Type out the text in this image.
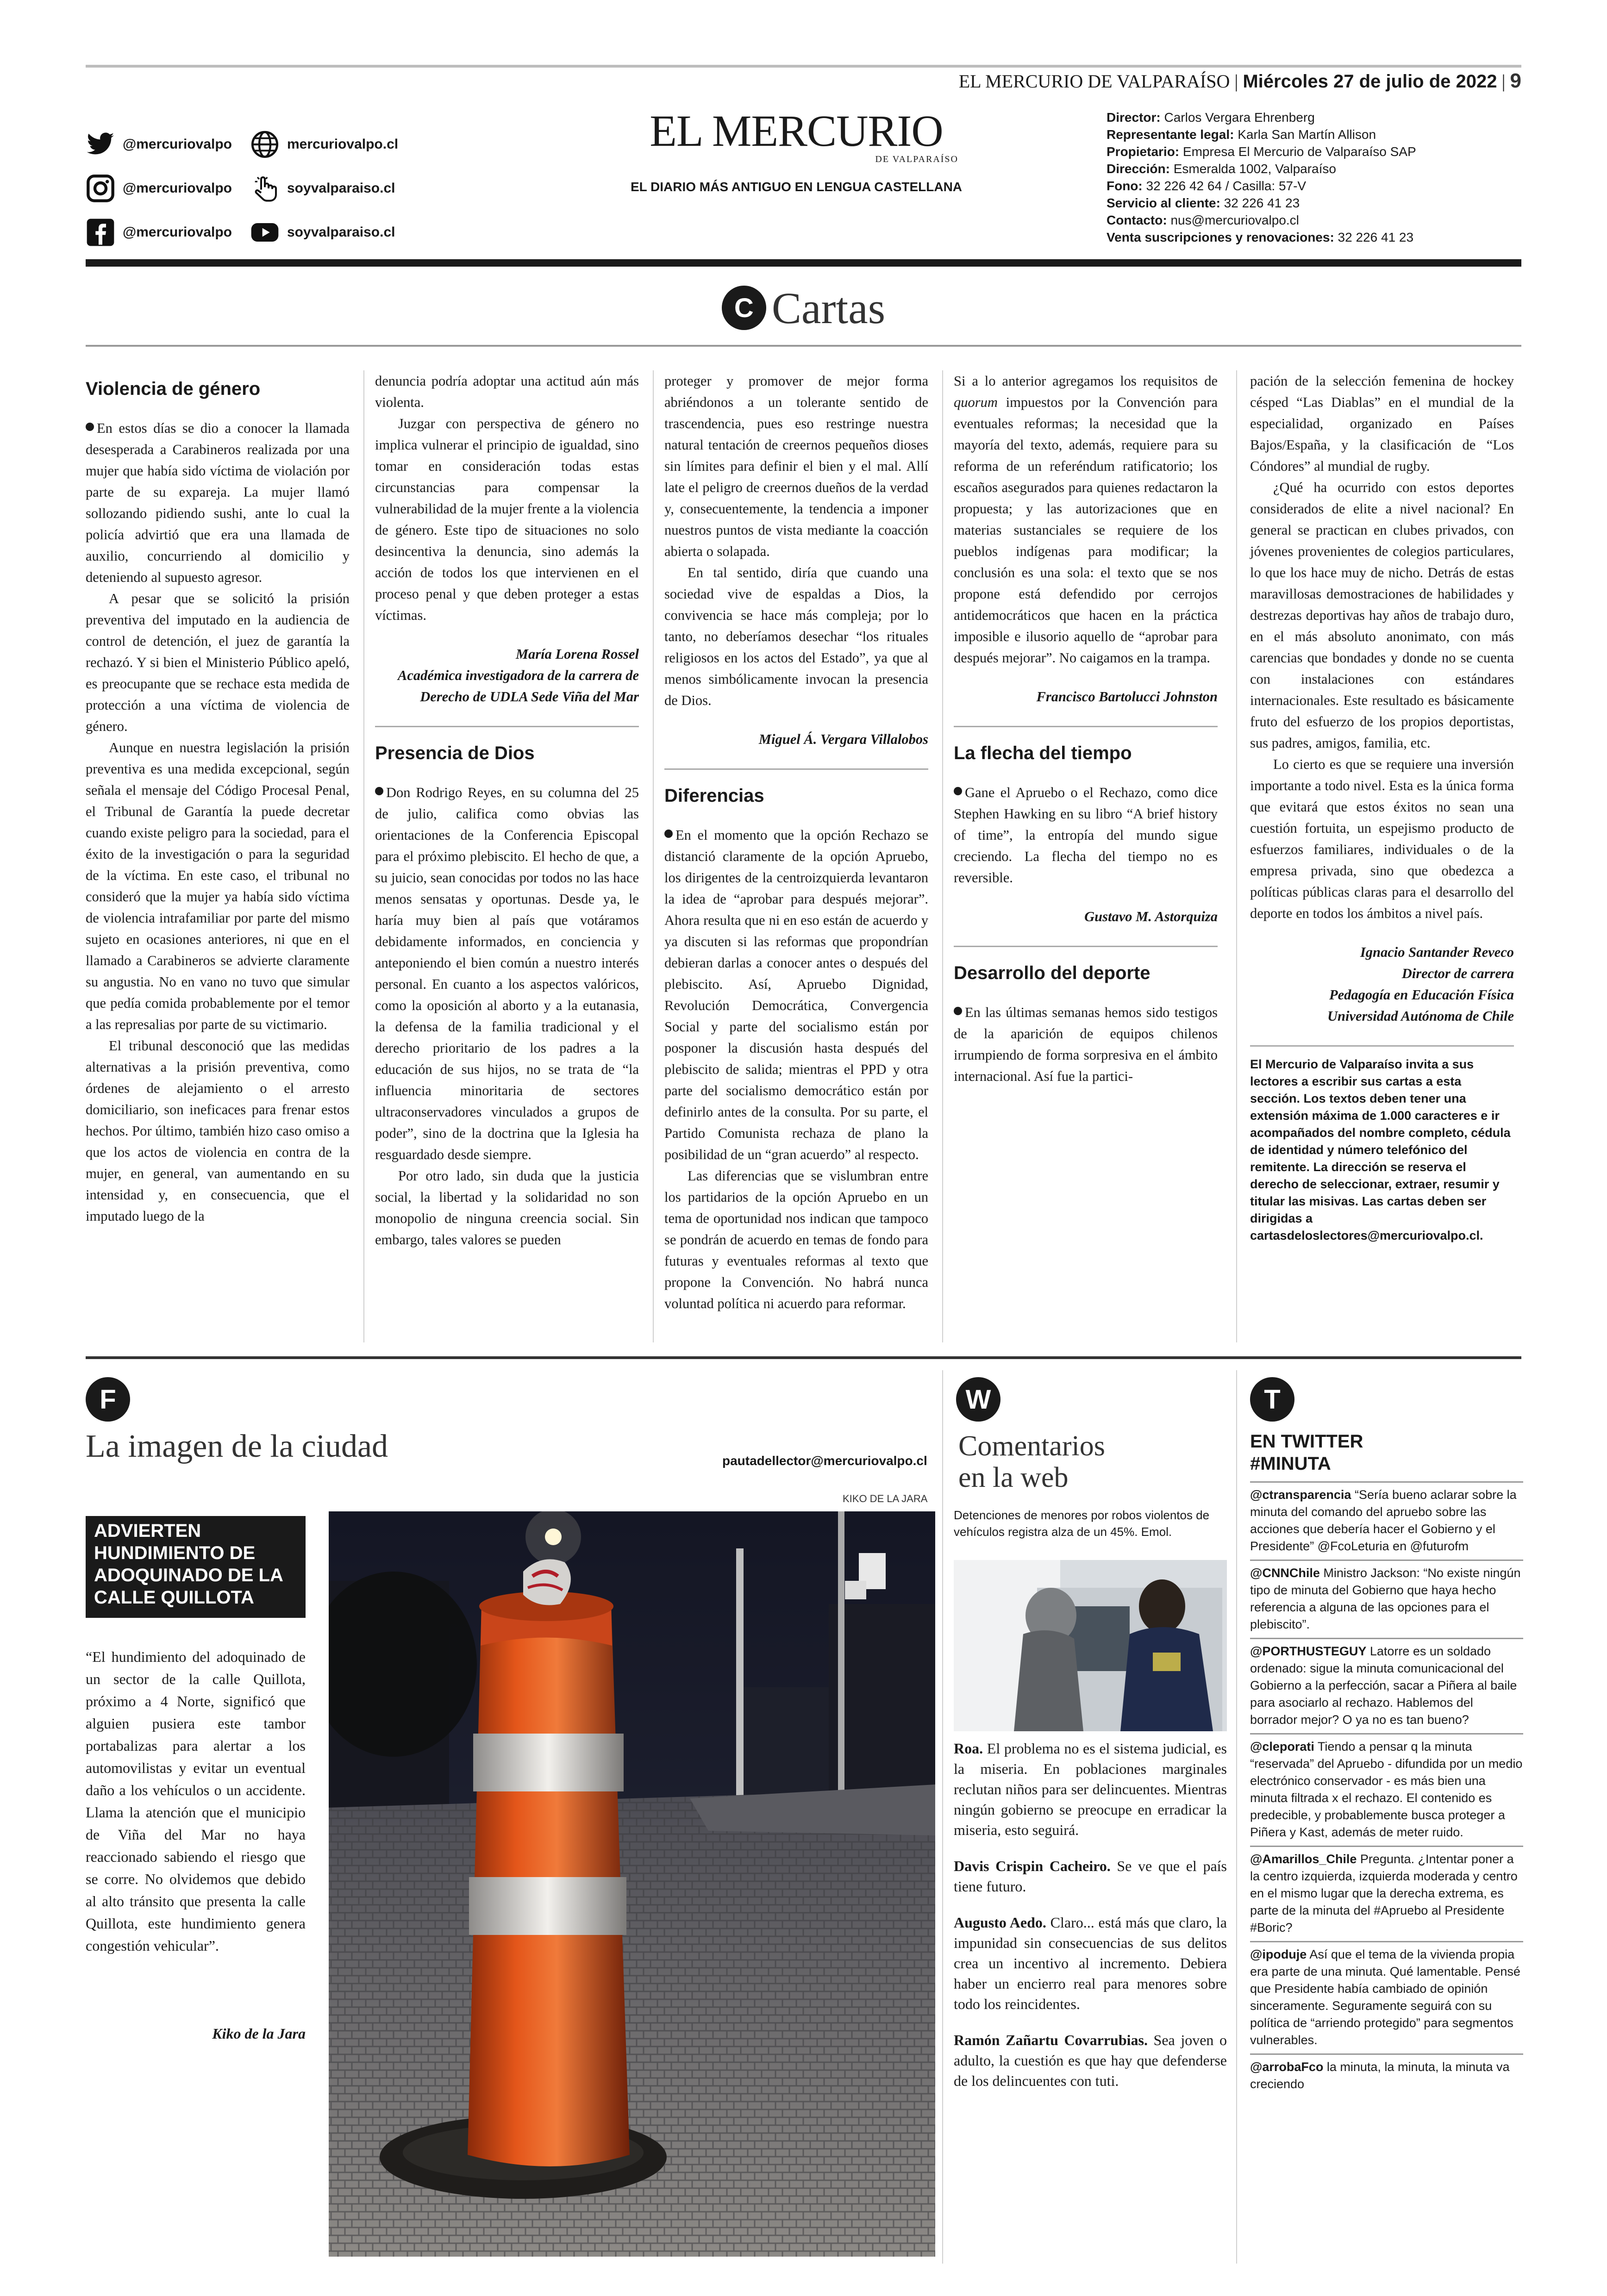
EL MERCURIO DE VALPARAÍSO | Miércoles 27 de julio de 2022 | 9
@mercuriovalpo
@mercuriovalpo
@mercuriovalpo
mercuriovalpo.cl
soyvalparaiso.cl
soyvalparaiso.cl
EL MERCURIO
DE VALPARAÍSO
EL DIARIO MÁS ANTIGUO EN LENGUA CASTELLANA
Director: Carlos Vergara Ehrenberg
Representante legal: Karla San Martín Allison
Propietario: Empresa El Mercurio de Valparaíso SAP
Dirección: Esmeralda 1002, Valparaíso
Fono: 32 226 42 64 / Casilla: 57-V
Servicio al cliente: 32 226 41 23
Contacto: nus@mercuriovalpo.cl
Venta suscripciones y renovaciones: 32 226 41 23
C Cartas
Violencia de género

En estos días se dio a conocer la llamada desesperada a Carabineros realizada por una mujer que había sido víctima de violación por parte de su expareja. La mujer llamó sollozando pidiendo sushi, ante lo cual la policía advirtió que era una llamada de auxilio, concurriendo al domicilio y deteniendo al supuesto agresor.

A pesar que se solicitó la prisión preventiva del imputado en la audiencia de control de detención, el juez de garantía la rechazó. Y si bien el Ministerio Público apeló, es preocupante que se rechace esta medida de protección a una víctima de violencia de género.

Aunque en nuestra legislación la prisión preventiva es una medida excepcional, según señala el mensaje del Código Procesal Penal, el Tribunal de Garantía la puede decretar cuando existe peligro para la sociedad, para el éxito de la investigación o para la seguridad de la víctima. En este caso, el tribunal no consideró que la mujer ya había sido víctima de violencia intrafamiliar por parte del mismo sujeto en ocasiones anteriores, ni que en el llamado a Carabineros se advierte claramente su angustia. No en vano no tuvo que simular que pedía comida probablemente por el temor a las represalias por parte de su victimario.

El tribunal desconoció que las medidas alternativas a la prisión preventiva, como órdenes de alejamiento o el arresto domiciliario, son ineficaces para frenar estos hechos. Por último, también hizo caso omiso a que los actos de violencia en contra de la mujer, en general, van aumentando en su intensidad y, en consecuencia, que el imputado luego de la

denuncia podría adoptar una actitud aún más violenta.

Juzgar con perspectiva de género no implica vulnerar el principio de igualdad, sino tomar en consideración todas estas circunstancias para compensar la vulnerabilidad de la mujer frente a la violencia de género. Este tipo de situaciones no solo desincentiva la denuncia, sino además la acción de todos los que intervienen en el proceso penal y que deben proteger a estas víctimas.

María Lorena Rossel

Académica investigadora de la carrera de Derecho de UDLA Sede Viña del Mar

Presencia de Dios

Don Rodrigo Reyes, en su columna del 25 de julio, califica como obvias las orientaciones de la Conferencia Episcopal para el próximo plebiscito. El hecho de que, a su juicio, sean conocidas por todos no las hace menos sensatas y oportunas. Desde ya, le haría muy bien al país que votáramos debidamente informados, en conciencia y anteponiendo el bien común a nuestro interés personal. En cuanto a los aspectos valóricos, como la oposición al aborto y a la eutanasia, la defensa de la familia tradicional y el derecho prioritario de los padres a la educación de sus hijos, no se trata de “la influencia minoritaria de sectores ultraconservadores vinculados a grupos de poder”, sino de la doctrina que la Iglesia ha resguardado desde siempre.

Por otro lado, sin duda que la justicia social, la libertad y la solidaridad no son monopolio de ninguna creencia social. Sin embargo, tales valores se pueden

proteger y promover de mejor forma abriéndonos a un tolerante sentido de trascendencia, pues eso restringe nuestra natural tentación de creernos pequeños dioses sin límites para definir el bien y el mal. Allí late el peligro de creernos dueños de la verdad y, consecuentemente, la tendencia a imponer nuestros puntos de vista mediante la coacción abierta o solapada.

En tal sentido, diría que cuando una sociedad vive de espaldas a Dios, la convivencia se hace más compleja; por lo tanto, no deberíamos desechar “los rituales religiosos en los actos del Estado”, ya que al menos simbólicamente invocan la presencia de Dios.

Miguel Á. Vergara Villalobos

Diferencias

En el momento que la opción Rechazo se distanció claramente de la opción Apruebo, los dirigentes de la centroizquierda levantaron la idea de “aprobar para después mejorar”. Ahora resulta que ni en eso están de acuerdo y ya discuten si las reformas que propondrían debieran darlas a conocer antes o después del plebiscito. Así, Apruebo Dignidad, Revolución Democrática, Convergencia Social y parte del socialismo están por posponer la discusión hasta después del plebiscito de salida; mientras el PPD y otra parte del socialismo democrático están por definirlo antes de la consulta. Por su parte, el Partido Comunista rechaza de plano la posibilidad de un “gran acuerdo” al respecto.

Las diferencias que se vislumbran entre los partidarios de la opción Apruebo en un tema de oportunidad nos indican que tampoco se pondrán de acuerdo en temas de fondo para futuras y eventuales reformas al texto que propone la Convención. No habrá nunca voluntad política ni acuerdo para reformar.

Si a lo anterior agregamos los requisitos de quorum impuestos por la Convención para eventuales reformas; la necesidad que la mayoría del texto, además, requiere para su reforma de un referéndum ratificatorio; los escaños asegurados para quienes redactaron la propuesta; y las autorizaciones que en materias sustanciales se requiere de los pueblos indígenas para modificar; la conclusión es una sola: el texto que se nos propone está defendido por cerrojos antidemocráticos que hacen en la práctica imposible e ilusorio aquello de “aprobar para después mejorar”. No caigamos en la trampa.

Francisco Bartolucci Johnston

La flecha del tiempo

Gane el Apruebo o el Rechazo, como dice Stephen Hawking en su libro “A brief history of time”, la entropía del mundo sigue creciendo. La flecha del tiempo no es reversible.

Gustavo M. Astorquiza

Desarrollo del deporte

En las últimas semanas hemos sido testigos de la aparición de equipos chilenos irrumpiendo de forma sorpresiva en el ámbito internacional. Así fue la partici-

pación de la selección femenina de hockey césped “Las Diablas” en el mundial de la especialidad, organizado en Países Bajos/España, y la clasificación de “Los Cóndores” al mundial de rugby.

¿Qué ha ocurrido con estos deportes considerados de elite a nivel nacional? En general se practican en clubes privados, con jóvenes provenientes de colegios particulares, lo que los hace muy de nicho. Detrás de estas maravillosas demostraciones de habilidades y destrezas deportivas hay años de trabajo duro, en el más absoluto anonimato, con más carencias que bondades y donde no se cuenta con instalaciones con estándares internacionales. Este resultado es básicamente fruto del esfuerzo de los propios deportistas, sus padres, amigos, familia, etc.

Lo cierto es que se requiere una inversión importante a todo nivel. Esta es la única forma que evitará que estos éxitos no sean una cuestión fortuita, un espejismo producto de esfuerzos familiares, individuales o de la empresa privada, sino que obedezca a políticas públicas claras para el desarrollo del deporte en todos los ámbitos a nivel país.

Ignacio Santander Reveco

Director de carrera

Pedagogía en Educación Física

Universidad Autónoma de Chile

El Mercurio de Valparaíso invita a sus lectores a escribir sus cartas a esta sección. Los textos deben tener una extensión máxima de 1.000 caracteres e ir acompañados del nombre completo, cédula de identidad y número telefónico del remitente. La dirección se reserva el derecho de seleccionar, extraer, resumir y titular las misivas. Las cartas deben ser dirigidas a cartasdeloslectores@mercuriovalpo.cl.
F
La imagen de la ciudad	pautadellector@mercuriovalpo.cl
KIKO DE LA JARA
ADVIERTEN HUNDIMIENTO DE ADOQUINADO DE LA CALLE QUILLOTA
“El hundimiento del adoquinado de un sector de la calle Quillota, próximo a 4 Norte, significó que alguien pusiera este tambor portabalizas para alertar a los automovilistas y evitar un eventual daño a los vehículos o un accidente. Llama la atención que el municipio de Viña del Mar no haya reaccionado sabiendo el riesgo que se corre. No olvidemos que debido al alto tránsito que presenta la calle Quillota, este hundimiento genera congestión vehicular”.
Kiko de la Jara
W
Comentarios
en la web
Detenciones de menores por robos violentos de vehículos registra alza de un 45%. Emol.

Roa. El problema no es el sistema judicial, es la miseria. En poblaciones marginales reclutan niños para ser delincuentes. Mientras ningún gobierno se preocupe en erradicar la miseria, esto seguirá.

Davis Crispin Cacheiro. Se ve que el país tiene futuro.

Augusto Aedo. Claro... está más que claro, la impunidad sin consecuencias de sus delitos crea un incentivo al incremento. Debiera haber un encierro real para menores sobre todo los reincidentes.

Ramón Zañartu Covarrubias. Sea joven o adulto, la cuestión es que hay que defenderse de los delincuentes con tuti.

T
EN TWITTER
#MINUTA
@ctransparencia “Sería bueno aclarar sobre la minuta del comando del apruebo sobre las acciones que debería hacer el Gobierno y el Presidente” @FcoLeturia en @futurofm
@CNNChile Ministro Jackson: “No existe ningún tipo de minuta del Gobierno que haya hecho referencia a alguna de las opciones para el plebiscito”.
@PORTHUSTEGUY Latorre es un soldado ordenado: sigue la minuta comunicacional del Gobierno a la perfección, sacar a Piñera al baile para asociarlo al rechazo. Hablemos del borrador mejor? O ya no es tan bueno?
@cleporati Tiendo a pensar q la minuta “reservada” del Apruebo - difundida por un medio electrónico conservador - es más bien una minuta filtrada x el rechazo. El contenido es predecible, y probablemente busca proteger a Piñera y Kast, además de meter ruido.
@Amarillos_Chile Pregunta. ¿Intentar poner a la centro izquierda, izquierda moderada y centro en el mismo lugar que la derecha extrema, es parte de la minuta del #Apruebo al Presidente #Boric?
@ipoduje Así que el tema de la vivienda propia era parte de una minuta. Qué lamentable. Pensé que Presidente había cambiado de opinión sinceramente. Seguramente seguirá con su política de “arriendo protegido” para segmentos vulnerables.
@arrobaFco la minuta, la minuta, la minuta va creciendo
